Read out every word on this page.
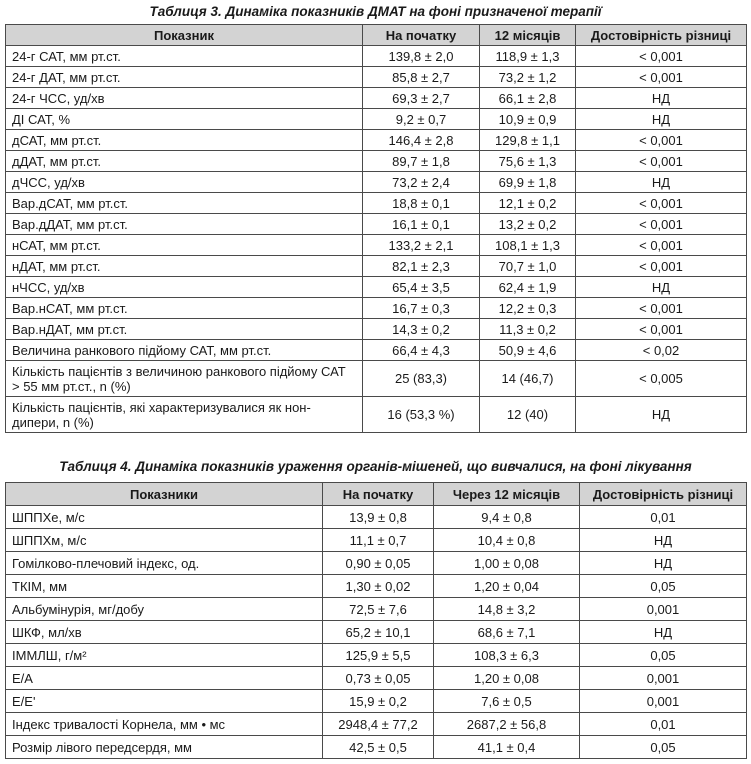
Таблиця 3. Динаміка показників ДМАТ на фоні призначеної терапії
Показник	На початку	12 місяців	Достовірність різниці
24-г САТ, мм рт.ст.	139,8 ± 2,0	118,9 ± 1,3	< 0,001
24-г ДАТ, мм рт.ст.	85,8 ± 2,7	73,2 ± 1,2	< 0,001
24-г ЧСС, уд/хв	69,3 ± 2,7	66,1 ± 2,8	НД
ДІ САТ, %	9,2 ± 0,7	10,9 ± 0,9	НД
дСАТ, мм рт.ст.	146,4 ± 2,8	129,8 ± 1,1	< 0,001
дДАТ, мм рт.ст.	89,7 ± 1,8	75,6 ± 1,3	< 0,001
дЧСС, уд/хв	73,2 ± 2,4	69,9 ± 1,8	НД
Вар.дСАТ, мм рт.ст.	18,8 ± 0,1	12,1 ± 0,2	< 0,001
Вар.дДАТ, мм рт.ст.	16,1 ± 0,1	13,2 ± 0,2	< 0,001
нСАТ, мм рт.ст.	133,2 ± 2,1	108,1 ± 1,3	< 0,001
нДАТ, мм рт.ст.	82,1 ± 2,3	70,7 ± 1,0	< 0,001
нЧСС, уд/хв	65,4 ± 3,5	62,4 ± 1,9	НД
Вар.нСАТ, мм рт.ст.	16,7 ± 0,3	12,2 ± 0,3	< 0,001
Вар.нДАТ, мм рт.ст.	14,3 ± 0,2	11,3 ± 0,2	< 0,001
Величина ранкового підйому САТ, мм рт.ст.	66,4 ± 4,3	50,9 ± 4,6	< 0,02
Кількість пацієнтів з величиною ранкового підйому САТ > 55 мм рт.ст., n (%)	25 (83,3)	14 (46,7)	< 0,005
Кількість пацієнтів, які характеризувалися як нон-дипери, n (%)	16 (53,3 %)	12 (40)	НД
Таблиця 4. Динаміка показників ураження органів-мішеней, що вивчалися, на фоні лікування
Показники	На початку	Через 12 місяців	Достовірність різниці
ШППХе, м/с	13,9 ± 0,8	9,4 ± 0,8	0,01
ШППХм, м/с	11,1 ± 0,7	10,4 ± 0,8	НД
Гомілково-плечовий індекс, од.	0,90 ± 0,05	1,00 ± 0,08	НД
ТКІМ, мм	1,30 ± 0,02	1,20 ± 0,04	0,05
Альбумінурія, мг/добу	72,5 ± 7,6	14,8 ± 3,2	0,001
ШКФ, мл/хв	65,2 ± 10,1	68,6 ± 7,1	НД
ІММЛШ, г/м²	125,9 ± 5,5	108,3 ± 6,3	0,05
Е/А	0,73 ± 0,05	1,20 ± 0,08	0,001
Е/Е'	15,9 ± 0,2	7,6 ± 0,5	0,001
Індекс тривалості Корнела, мм • мс	2948,4 ± 77,2	2687,2 ± 56,8	0,01
Розмір лівого передсердя, мм	42,5 ± 0,5	41,1 ± 0,4	0,05
